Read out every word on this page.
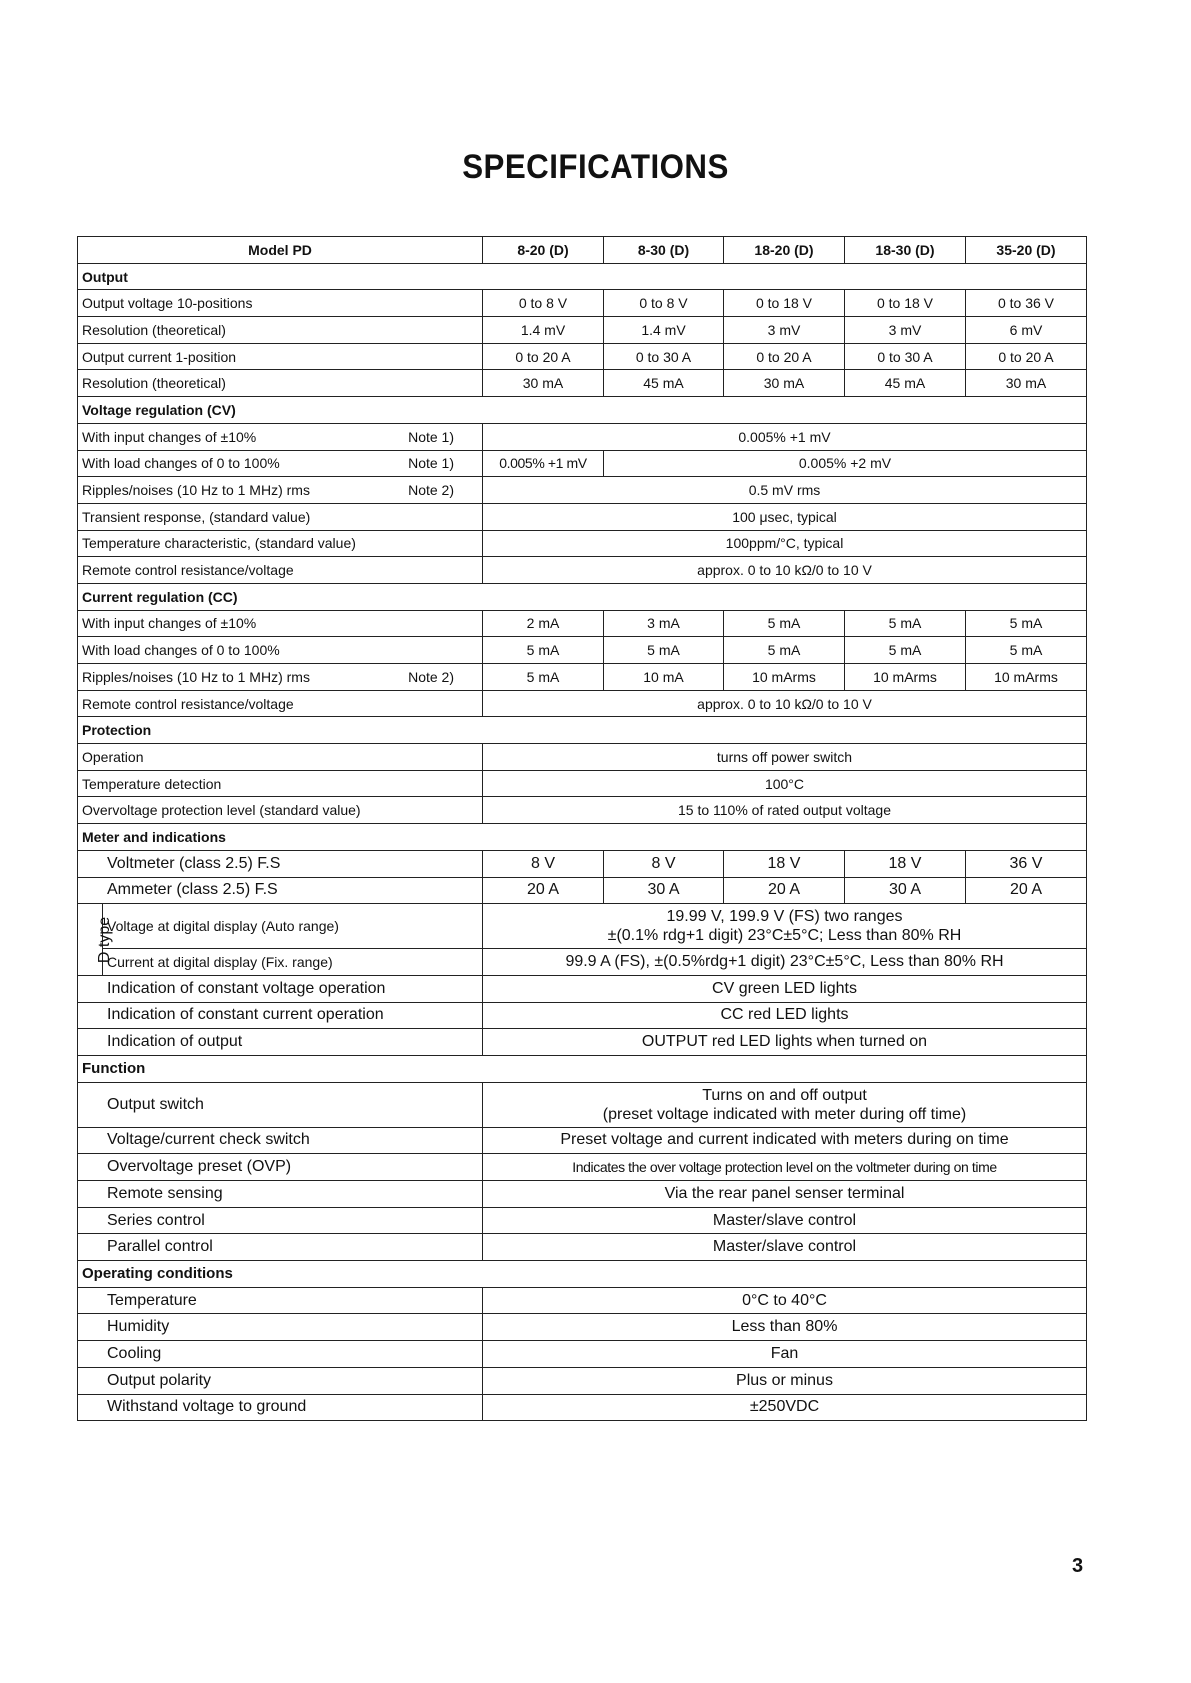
SPECIFICATIONS
Model PD		8-20 (D)	8-30 (D)	18-20 (D)	18-30 (D)	35-20 (D)
Output						
Output voltage 10-positions		0 to 8 V	0 to 8 V	0 to 18 V	0 to 18 V	0 to 36 V
Resolution (theoretical)		1.4 mV	1.4 mV	3 mV	3 mV	6 mV
Output current 1-position		0 to 20 A	0 to 30 A	0 to 20 A	0 to 30 A	0 to 20 A
Resolution (theoretical)		30 mA	45 mA	30 mA	45 mA	30 mA
Voltage regulation (CV)						
With input changes of ±10% Note 1)		0.005% +1 mV				
With load changes of 0 to 100% Note 1)		0.005% +1 mV	0.005% +2 mV			
Ripples/noises (10 Hz to 1 MHz) rms Note 2)		0.5 mV rms				
Transient response, (standard value)		100 μsec, typical				
Temperature characteristic, (standard value)		100ppm/°C, typical				
Remote control resistance/voltage		approx. 0 to 10 kΩ/0 to 10 V				
Current regulation (CC)						
With input changes of ±10%		2 mA	3 mA	5 mA	5 mA	5 mA
With load changes of 0 to 100%		5 mA	5 mA	5 mA	5 mA	5 mA
Ripples/noises (10 Hz to 1 MHz) rms Note 2)		5 mA	10 mA	10 mArms	10 mArms	10 mArms
Remote control resistance/voltage		approx. 0 to 10 kΩ/0 to 10 V				
Protection						
Operation		turns off power switch				
Temperature detection		100°C				
Overvoltage protection level (standard value)		15 to 110% of rated output voltage				
Meter and indications						
Voltmeter (class 2.5) F.S		8 V	8 V	18 V	18 V	36 V
Ammeter (class 2.5) F.S		20 A	30 A	20 A	30 A	20 A
D type	Voltage at digital display (Auto range)	19.99 V, 199.9 V (FS) two ranges
±(0.1% rdg+1 digit) 23°C±5°C; Less than 80% RH				

	Current at digital display (Fix. range)	99.9 A (FS), ±(0.5%rdg+1 digit) 23°C±5°C, Less than 80% RH				
Indication of constant voltage operation		CV green LED lights				
Indication of constant current operation		CC red LED lights				
Indication of output		OUTPUT red LED lights when turned on				
Function						
Output switch		Turns on and off output
(preset voltage indicated with meter during off time)				

Voltage/current check switch		Preset voltage and current indicated with meters during on time				
Overvoltage preset (OVP)		Indicates the over voltage protection level on the voltmeter during on time				
Remote sensing		Via the rear panel senser terminal				
Series control		Master/slave control				
Parallel control		Master/slave control				
Operating conditions						
Temperature		0°C to 40°C				
Humidity		Less than 80%				
Cooling		Fan				
Output polarity		Plus or minus				
Withstand voltage to ground		±250VDC				
3
